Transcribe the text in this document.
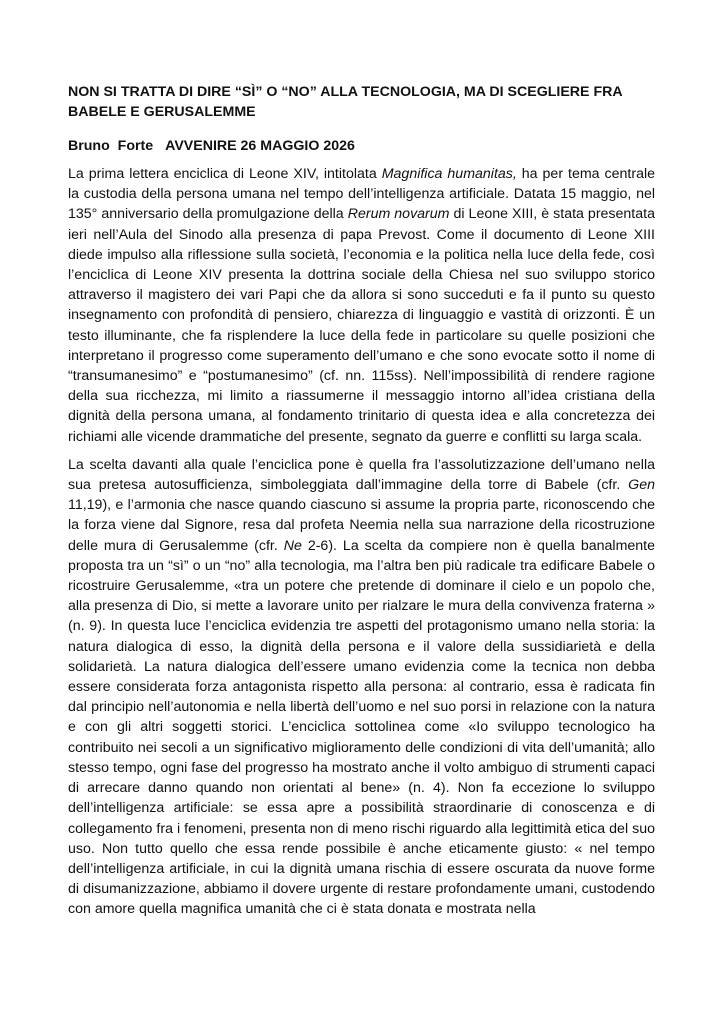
NON SI TRATTA DI DIRE “SÌ” O “NO” ALLA TECNOLOGIA, MA DI SCEGLIERE FRA BABELE E GERUSALEMME
Bruno  Forte AVVENIRE 26 MAGGIO 2026

La prima lettera enciclica di Leone XIV, intitolata Magnifica humanitas, ha per tema centrale la custodia della persona umana nel tempo dell’intelligenza artificiale. Datata 15 maggio, nel 135° anniversario della promulgazione della Rerum novarum di Leone XIII, è stata presentata ieri nell’Aula del Sinodo alla presenza di papa Prevost. Come il documento di Leone XIII diede impulso alla riflessione sulla società, l’economia e la politica nella luce della fede, così l’enciclica di Leone XIV presenta la dottrina sociale della Chiesa nel suo sviluppo storico attraverso il magistero dei vari Papi che da allora si sono succeduti e fa il punto su questo insegnamento con profondità di pensiero, chiarezza di linguaggio e vastità di orizzonti. È un testo illuminante, che fa risplendere la luce della fede in particolare su quelle posizioni che interpretano il progresso come superamento dell’umano e che sono evocate sotto il nome di “transumanesimo” e “postumanesimo” (cf. nn. 115ss). Nell’impossibilità di rendere ragione della sua ricchezza, mi limito a riassumerne il messaggio intorno all’idea cristiana della dignità della persona umana, al fondamento trinitario di questa idea e alla concretezza dei richiami alle vicende drammatiche del presente, segnato da guerre e conflitti su larga scala.

La scelta davanti alla quale l’enciclica pone è quella fra l’assolutizzazione dell’umano nella sua pretesa autosufficienza, simboleggiata dall’immagine della torre di Babele (cfr. Gen 11,19), e l’armonia che nasce quando ciascuno si assume la propria parte, riconoscendo che la forza viene dal Signore, resa dal profeta Neemia nella sua narrazione della ricostruzione delle mura di Gerusalemme (cfr. Ne 2-6). La scelta da compiere non è quella banalmente proposta tra un “sì” o un “no” alla tecnologia, ma l’altra ben più radicale tra edificare Babele o ricostruire Gerusalemme, «tra un potere che pretende di dominare il cielo e un popolo che, alla presenza di Dio, si mette a lavorare unito per rialzare le mura della convivenza fraterna » (n. 9). In questa luce l’enciclica evidenzia tre aspetti del protagonismo umano nella storia: la natura dialogica di esso, la dignità della persona e il valore della sussidiarietà e della solidarietà. La natura dialogica dell’essere umano evidenzia come la tecnica non debba essere considerata forza antagonista rispetto alla persona: al contrario, essa è radicata fin dal principio nell’autonomia e nella libertà dell’uomo e nel suo porsi in relazione con la natura e con gli altri soggetti storici. L’enciclica sottolinea come «Io sviluppo tecnologico ha contribuito nei secoli a un significativo miglioramento delle condizioni di vita dell’umanità; allo stesso tempo, ogni fase del progresso ha mostrato anche il volto ambiguo di strumenti capaci di arrecare danno quando non orientati al bene» (n. 4). Non fa eccezione lo sviluppo dell’intelligenza artificiale: se essa apre a possibilità straordinarie di conoscenza e di collegamento fra i fenomeni, presenta non di meno rischi riguardo alla legittimità etica del suo uso. Non tutto quello che essa rende possibile è anche eticamente giusto: « nel tempo dell’intelligenza artificiale, in cui la dignità umana rischia di essere oscurata da nuove forme di disumanizzazione, abbiamo il dovere urgente di restare profondamente umani, custodendo con amore quella magnifica umanità che ci è stata donata e mostrata nella
